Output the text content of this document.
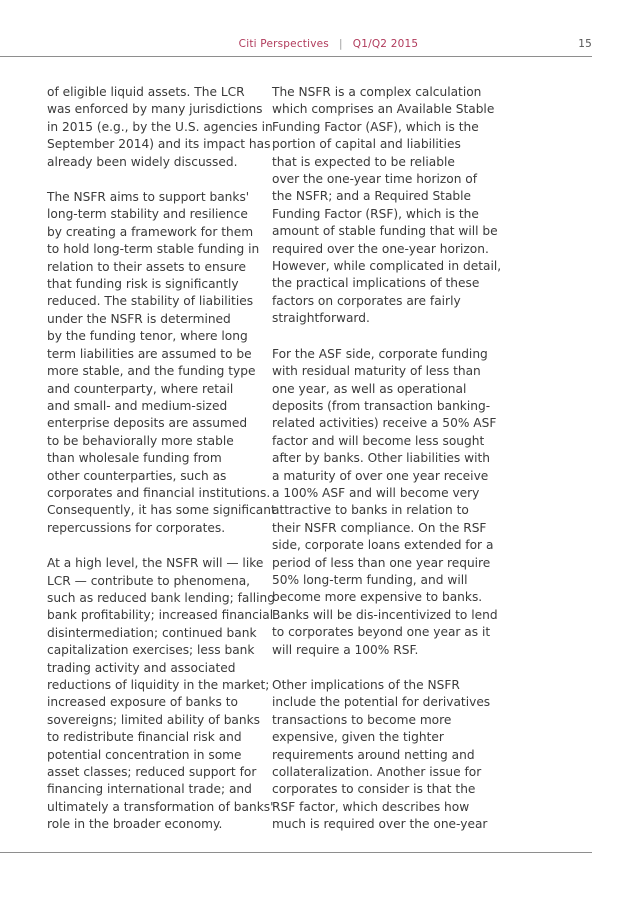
Citi Perspectives | Q1/Q2 2015	15
of eligible liquid assets. The LCR
was enforced by many jurisdictions
in 2015 (e.g., by the U.S. agencies in
September 2014) and its impact has
already been widely discussed.
The NSFR aims to support banks'
long-term stability and resilience
by creating a framework for them
to hold long-term stable funding in
relation to their assets to ensure
that funding risk is significantly
reduced. The stability of liabilities
under the NSFR is determined
by the funding tenor, where long
term liabilities are assumed to be
more stable, and the funding type
and counterparty, where retail
and small- and medium-sized
enterprise deposits are assumed
to be behaviorally more stable
than wholesale funding from
other counterparties, such as
corporates and financial institutions.
Consequently, it has some significant
repercussions for corporates.
At a high level, the NSFR will — like
LCR — contribute to phenomena,
such as reduced bank lending; falling
bank profitability; increased financial
disintermediation; continued bank
capitalization exercises; less bank
trading activity and associated
reductions of liquidity in the market;
increased exposure of banks to
sovereigns; limited ability of banks
to redistribute financial risk and
potential concentration in some
asset classes; reduced support for
financing international trade; and
ultimately a transformation of banks'
role in the broader economy.
The NSFR is a complex calculation
which comprises an Available Stable
Funding Factor (ASF), which is the
portion of capital and liabilities
that is expected to be reliable
over the one-year time horizon of
the NSFR; and a Required Stable
Funding Factor (RSF), which is the
amount of stable funding that will be
required over the one-year horizon.
However, while complicated in detail,
the practical implications of these
factors on corporates are fairly
straightforward.
For the ASF side, corporate funding
with residual maturity of less than
one year, as well as operational
deposits (from transaction banking-
related activities) receive a 50% ASF
factor and will become less sought
after by banks. Other liabilities with
a maturity of over one year receive
a 100% ASF and will become very
attractive to banks in relation to
their NSFR compliance. On the RSF
side, corporate loans extended for a
period of less than one year require
50% long-term funding, and will
become more expensive to banks.
Banks will be dis-incentivized to lend
to corporates beyond one year as it
will require a 100% RSF.
Other implications of the NSFR
include the potential for derivatives
transactions to become more
expensive, given the tighter
requirements around netting and
collateralization. Another issue for
corporates to consider is that the
RSF factor, which describes how
much is required over the one-year
